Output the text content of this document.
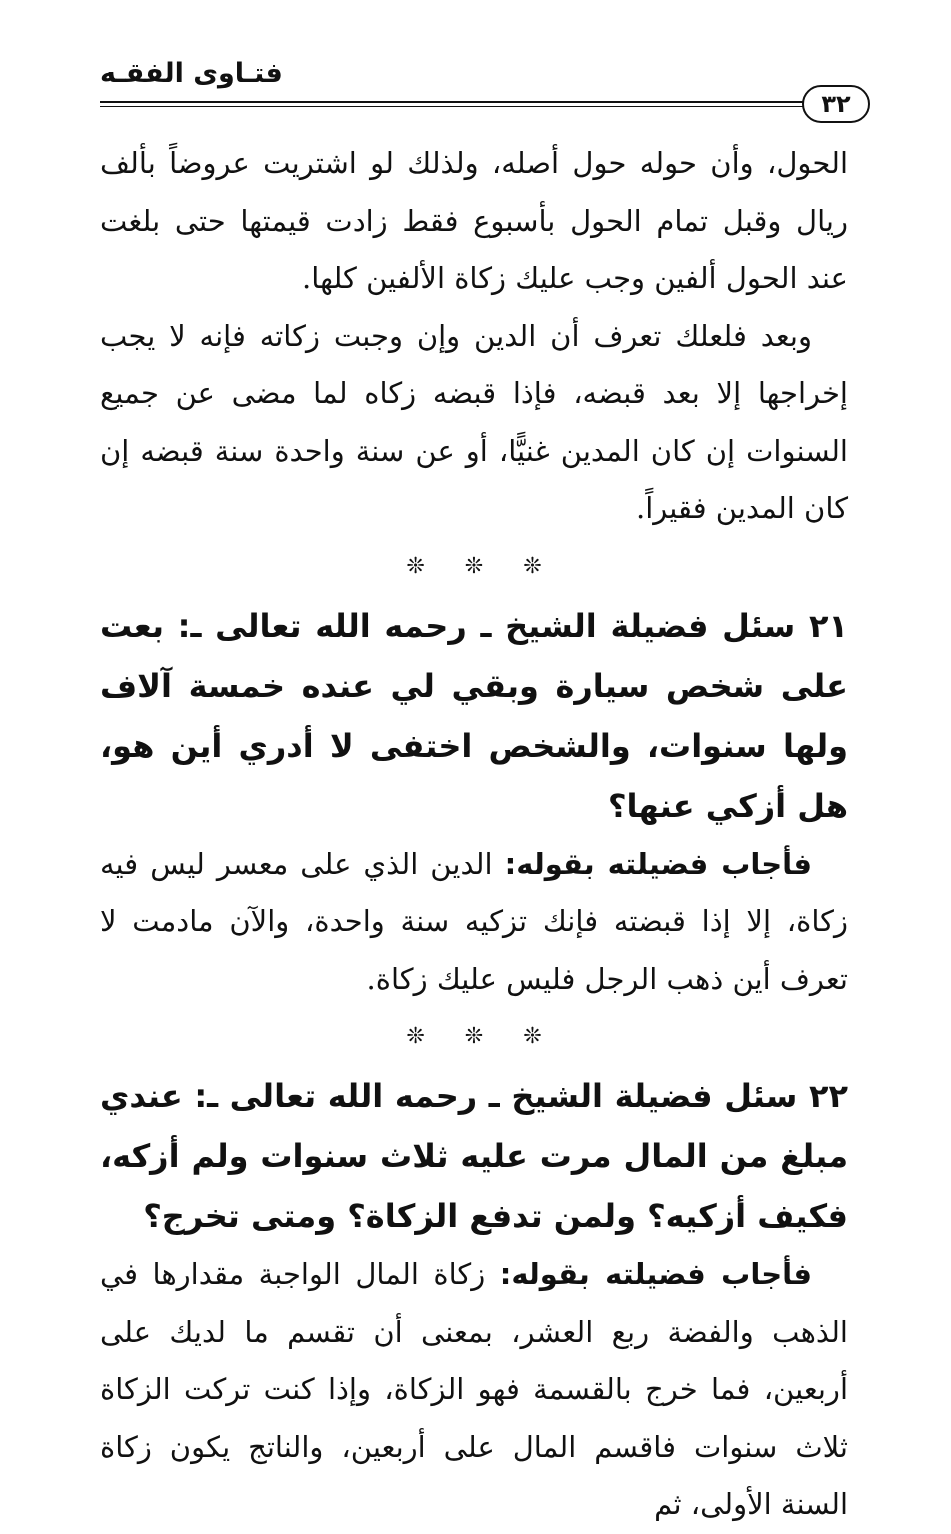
فتـاوى الفقـه
٣٢

الحول، وأن حوله حول أصله، ولذلك لو اشتريت عروضاً بألف ريال وقبل تمام الحول بأسبوع فقط زادت قيمتها حتى بلغت عند الحول ألفين وجب عليك زكاة الألفين كلها.

وبعد فلعلك تعرف أن الدين وإن وجبت زكاته فإنه لا يجب إخراجها إلا بعد قبضه، فإذا قبضه زكاه لما مضى عن جميع السنوات إن كان المدين غنيًّا، أو عن سنة واحدة سنة قبضه إن كان المدين فقيراً.

❊❊❊

٢١ سئل فضيلة الشيخ ـ رحمه الله تعالى ـ: بعت على شخص سيارة وبقي لي عنده خمسة آلاف ولها سنوات، والشخص اختفى لا أدري أين هو، هل أزكي عنها؟

فأجاب فضيلته بقوله: الدين الذي على معسر ليس فيه زكاة، إلا إذا قبضته فإنك تزكيه سنة واحدة، والآن مادمت لا تعرف أين ذهب الرجل فليس عليك زكاة.

❊❊❊

٢٢ سئل فضيلة الشيخ ـ رحمه الله تعالى ـ: عندي مبلغ من المال مرت عليه ثلاث سنوات ولم أزكه، فكيف أزكيه؟ ولمن تدفع الزكاة؟ ومتى تخرج؟

فأجاب فضيلته بقوله: زكاة المال الواجبة مقدارها في الذهب والفضة ربع العشر، بمعنى أن تقسم ما لديك على أربعين، فما خرج بالقسمة فهو الزكاة، وإذا كنت تركت الزكاة ثلاث سنوات فاقسم المال على أربعين، والناتج يكون زكاة السنة الأولى، ثم
